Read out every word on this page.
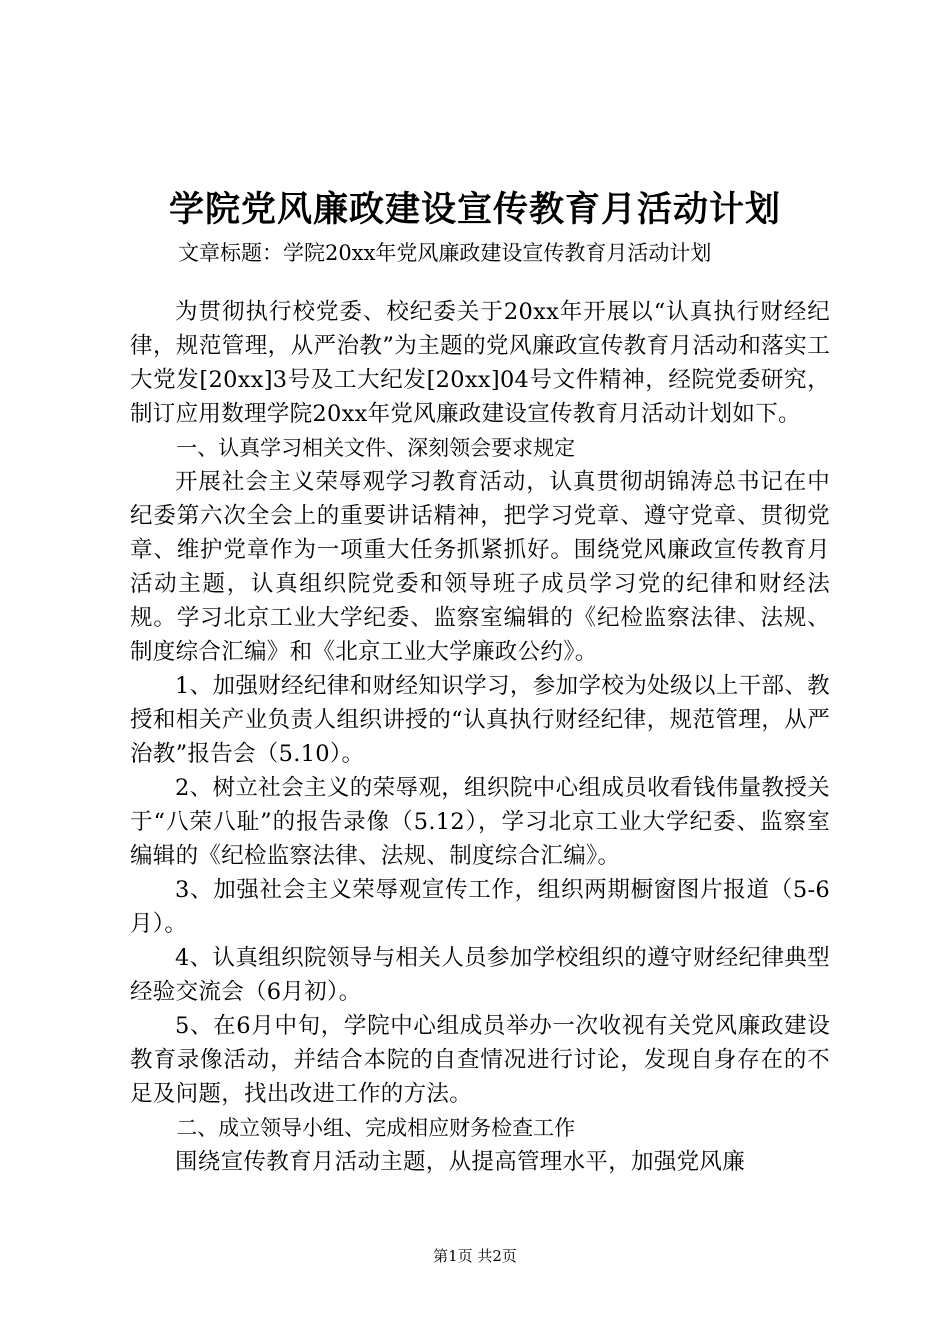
学院党风廉政建设宣传教育月活动计划

文章标题：学院20xx年党风廉政建设宣传教育月活动计划

为贯彻执行校党委、校纪委关于20xx年开展以“认真执行财经纪律，规范管理，从严治教”为主题的党风廉政宣传教育月活动和落实工大党发[20xx]3号及工大纪发[20xx]04号文件精神，经院党委研究，制订应用数理学院20xx年党风廉政建设宣传教育月活动计划如下。

一、认真学习相关文件、深刻领会要求规定

开展社会主义荣辱观学习教育活动，认真贯彻胡锦涛总书记在中纪委第六次全会上的重要讲话精神，把学习党章、遵守党章、贯彻党章、维护党章作为一项重大任务抓紧抓好。围绕党风廉政宣传教育月活动主题，认真组织院党委和领导班子成员学习党的纪律和财经法规。学习北京工业大学纪委、监察室编辑的《纪检监察法律、法规、制度综合汇编》和《北京工业大学廉政公约》。

1、加强财经纪律和财经知识学习，参加学校为处级以上干部、教授和相关产业负责人组织讲授的“认真执行财经纪律，规范管理，从严治教”报告会（5.10）。

2、树立社会主义的荣辱观，组织院中心组成员收看钱伟量教授关于“八荣八耻”的报告录像（5.12），学习北京工业大学纪委、监察室编辑的《纪检监察法律、法规、制度综合汇编》。

3、加强社会主义荣辱观宣传工作，组织两期橱窗图片报道（5-6月）。

4、认真组织院领导与相关人员参加学校组织的遵守财经纪律典型经验交流会（6月初）。

5、在6月中旬，学院中心组成员举办一次收视有关党风廉政建设教育录像活动，并结合本院的自查情况进行讨论，发现自身存在的不足及问题，找出改进工作的方法。

二、成立领导小组、完成相应财务检查工作

围绕宣传教育月活动主题，从提高管理水平，加强党风廉

第1页 共2页
